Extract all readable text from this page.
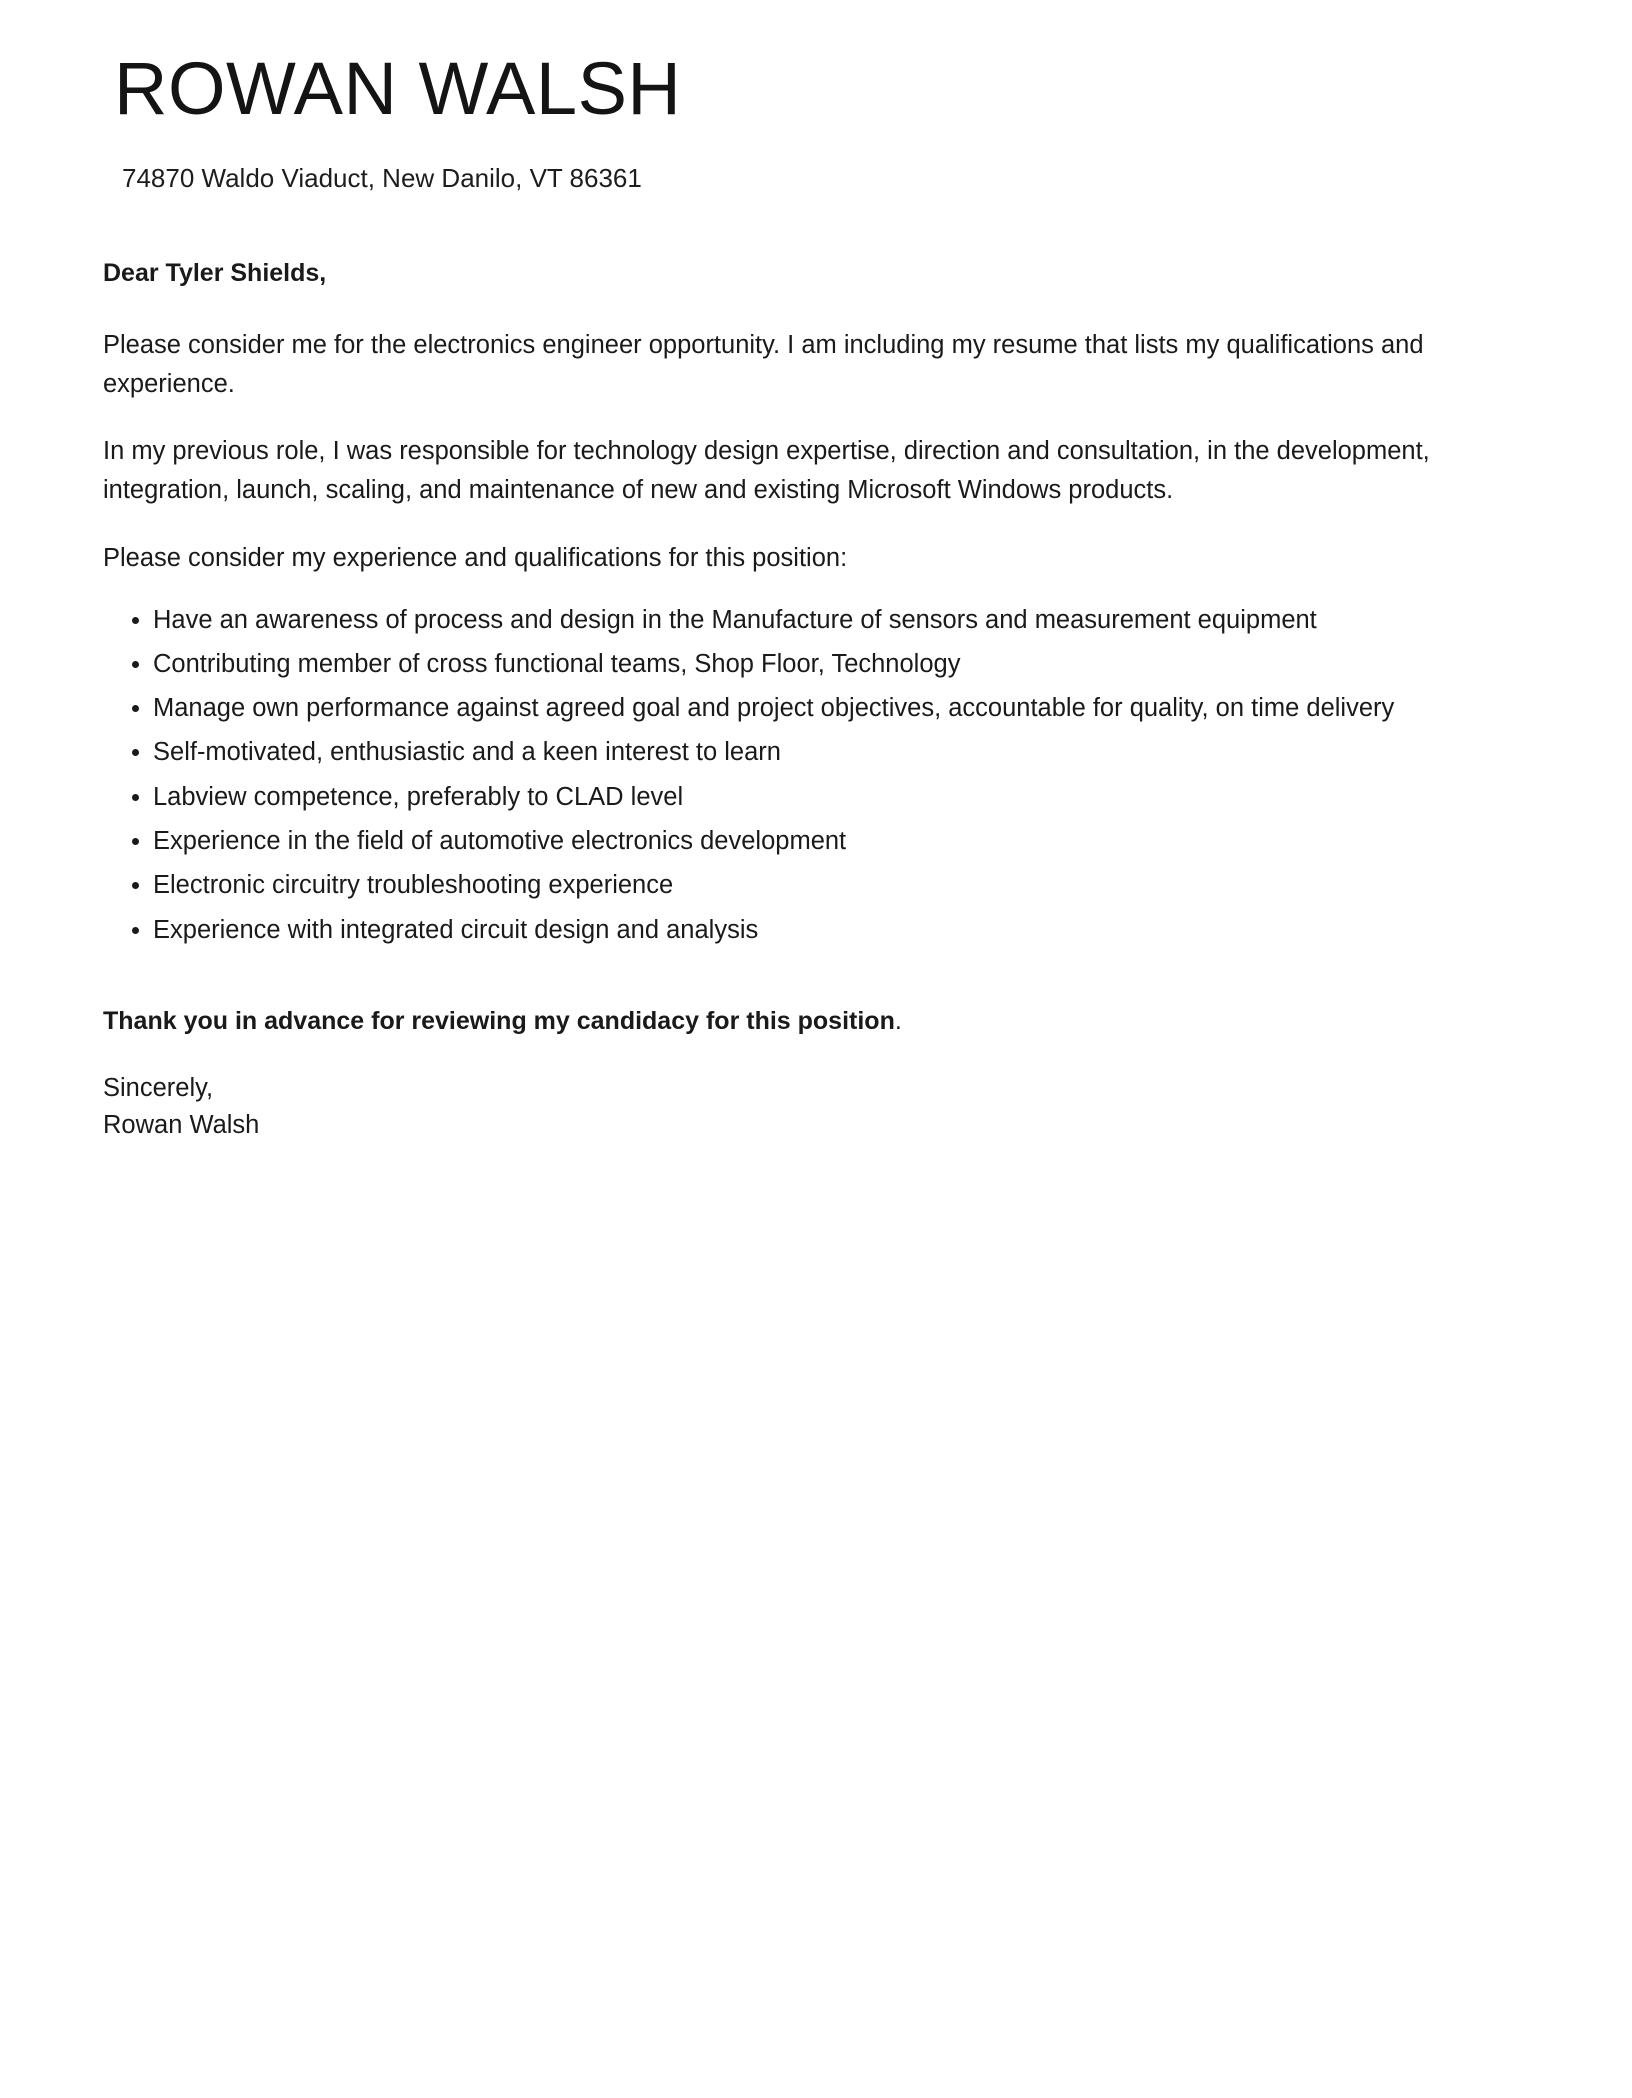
ROWAN WALSH
74870 Waldo Viaduct, New Danilo, VT 86361

Dear Tyler Shields,

Please consider me for the electronics engineer opportunity. I am including my resume that lists my qualifications and experience.

In my previous role, I was responsible for technology design expertise, direction and consultation, in the development, integration, launch, scaling, and maintenance of new and existing Microsoft Windows products.

Please consider my experience and qualifications for this position:

Have an awareness of process and design in the Manufacture of sensors and measurement equipment
Contributing member of cross functional teams, Shop Floor, Technology
Manage own performance against agreed goal and project objectives, accountable for quality, on time delivery
Self-motivated, enthusiastic and a keen interest to learn
Labview competence, preferably to CLAD level
Experience in the field of automotive electronics development
Electronic circuitry troubleshooting experience
Experience with integrated circuit design and analysis

Thank you in advance for reviewing my candidacy for this position.

Sincerely,
Rowan Walsh
